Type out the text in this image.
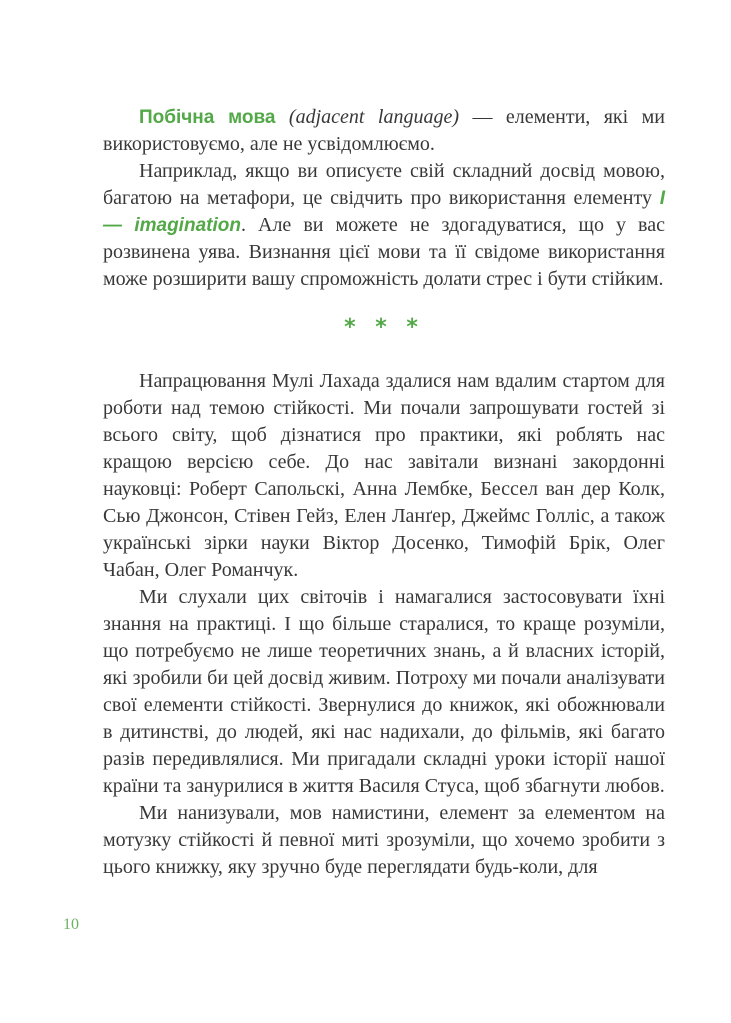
Побічна мова (adjacent language) — елементи, які ми використовуємо, але не усвідомлюємо.

Наприклад, якщо ви описуєте свій складний досвід мовою, багатою на метафори, це свідчить про використання елементу I — imagination. Але ви можете не здогадуватися, що у вас розвинена уява. Визнання цієї мови та її свідоме використання може розширити вашу спроможність долати стрес і бути стійким.

* * *

Напрацювання Мулі Лахада здалися нам вдалим стартом для роботи над темою стійкості. Ми почали запрошувати гостей зі всього світу, щоб дізнатися про практики, які роблять нас кращою версією себе. До нас завітали визнані закордонні науковці: Роберт Сапольскі, Анна Лембке, Бессел ван дер Колк, Сью Джонсон, Стівен Гейз, Елен Ланґер, Джеймс Голліс, а також українські зірки науки Віктор Досенко, Тимофій Брік, Олег Чабан, Олег Романчук.

Ми слухали цих світочів і намагалися застосовувати їхні знання на практиці. І що більше старалися, то краще розуміли, що потребуємо не лише теоретичних знань, а й власних історій, які зробили би цей досвід живим. Потроху ми почали аналізувати свої елементи стійкості. Звернулися до книжок, які обожнювали в дитинстві, до людей, які нас надихали, до фільмів, які багато разів передивлялися. Ми пригадали складні уроки історії нашої країни та занурилися в життя Василя Стуса, щоб збагнути любов.

Ми нанизували, мов намистини, елемент за елементом на мотузку стійкості й певної миті зрозуміли, що хочемо зробити з цього книжку, яку зручно буде переглядати будь-коли, для

10
